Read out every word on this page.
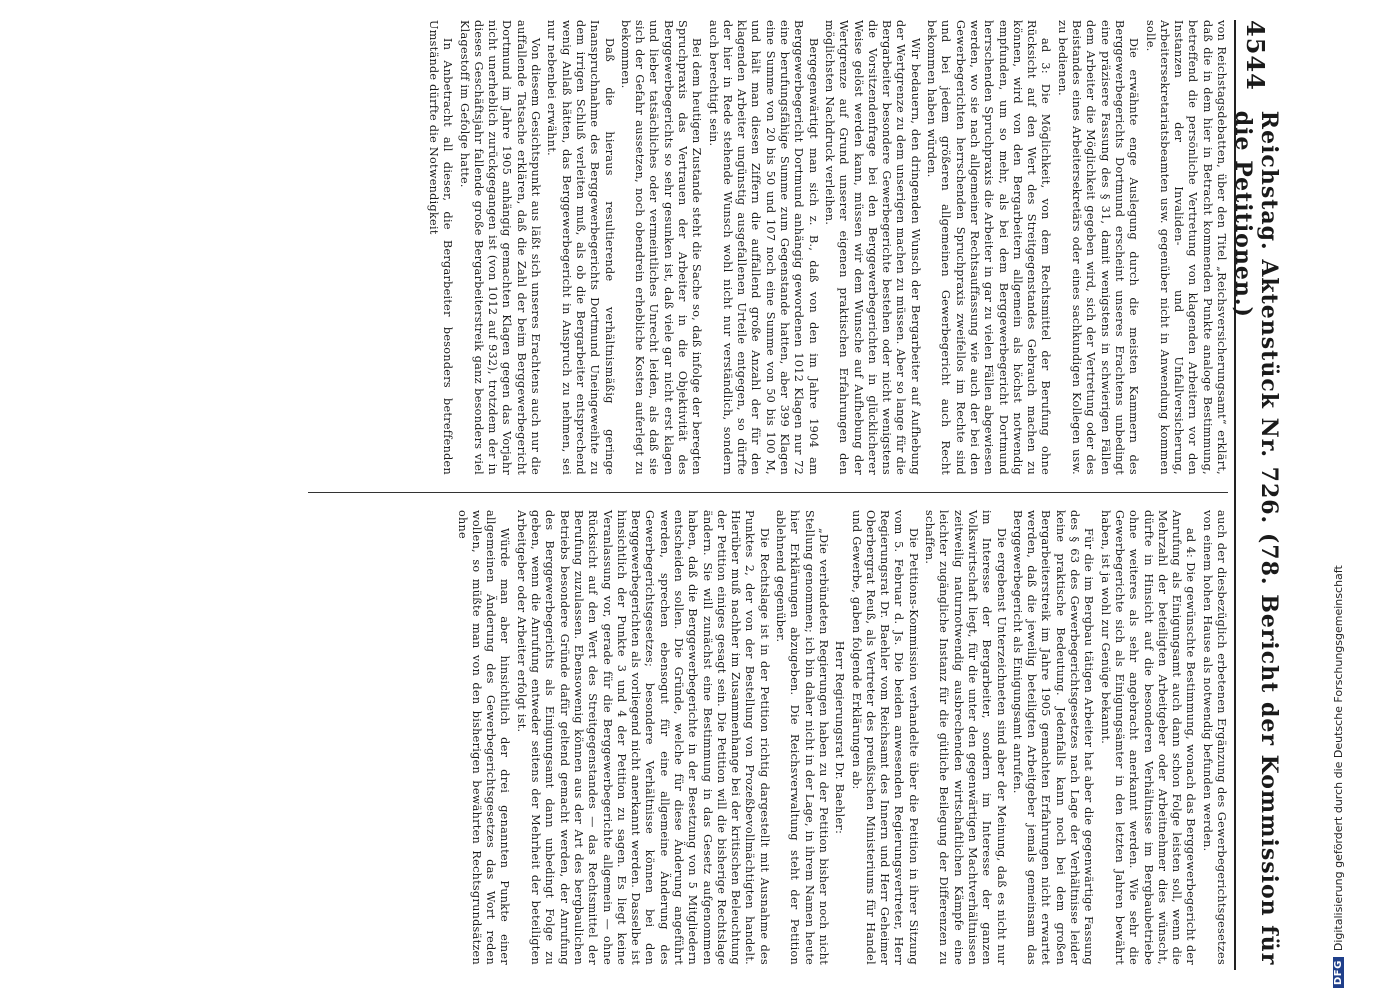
4544
Reichstag. Aktenstück Nr. 726. (78. Bericht der Kommission für die Petitionen.)

von Reichstagsdebatten, über den Titel „Reichsversicherungsamt“ erklärt, daß die in dem hier in Betracht kommenden Punkte analoge Bestimmung, betreffend die persönliche Vertretung von klagenden Arbeitern vor den Instanzen der Invaliden- und Unfallversicherung, Arbeitersekretariatsbeamten usw. gegenüber nicht in Anwendung kommen solle.

Die erwähnte enge Auslegung durch die meisten Kammern des Berggewerbegerichts Dortmund erscheint unseres Erachtens unbedingt eine präzisere Fassung des § 31, damit wenigstens in schwierigen Fällen dem Arbeiter die Möglichkeit gegeben wird, sich der Vertretung oder des Beistandes eines Arbeitersekretärs oder eines sachkundigen Kollegen usw. zu bedienen.

ad 3: Die Möglichkeit, von dem Rechtsmittel der Berufung ohne Rücksicht auf den Wert des Streitgegenstandes Gebrauch machen zu können, wird von den Bergarbeitern allgemein als höchst notwendig empfunden, um so mehr, als bei dem Berggewerbegericht Dortmund herrschenden Spruchpraxis die Arbeiter in gar zu vielen Fällen abgewiesen werden, wo sie nach allgemeiner Rechtsauffassung wie auch der bei den Gewerbegerichten herrschenden Spruchpraxis zweifellos im Rechte sind und bei jedem größeren allgemeinen Gewerbegericht auch Recht bekommen haben würden.

Wir bedauern, den dringenden Wunsch der Bergarbeiter auf Aufhebung der Wertgrenze zu dem unserigen machen zu müssen. Aber so lange für die Bergarbeiter besondere Gewerbegerichte bestehen oder nicht wenigstens die Vorsitzendenfrage bei den Berggewerbegerichten in glücklicherer Weise gelöst werden kann, müssen wir dem Wunsche auf Aufhebung der Wertgrenze auf Grund unserer eigenen praktischen Erfahrungen den möglichsten Nachdruck verleihen.

Bergegenwärtigt man sich z. B., daß von den im Jahre 1904 am Berggewerbegericht Dortmund anhängig gewordenen 1012 Klagen nur 72 eine berufungsfähige Summe zum Gegenstande hatten, aber 399 Klagen eine Summe von 20 bis 50 und 107 noch eine Summe von 50 bis 100 M, und hält man diesen Ziffern die auffallend große Anzahl der für den klagenden Arbeiter ungünstig ausgefallenen Urteile entgegen, so dürfte der hier in Rede stehende Wunsch wohl nicht nur verständlich, sondern auch berechtigt sein.

Bei dem heutigen Zustande steht die Sache so, daß infolge der beregten Spruchpraxis das Vertrauen der Arbeiter in die Objektivität des Berggewerbegerichts so sehr gesunken ist, daß viele gar nicht erst klagen und lieber tatsächliches oder vermeintliches Unrecht leiden, als daß sie sich der Gefahr aussetzen, noch obendrein erhebliche Kosten auferlegt zu bekommen.

Daß die hieraus resultierende verhältnismäßig geringe Inanspruchnahme des Berggewerbegerichts Dortmund Uneingeweihte zu dem irrigen Schluß verleiten muß, als ob die Bergarbeiter entsprechend wenig Anlaß hätten, das Berggewerbegericht in Anspruch zu nehmen, sei nur nebenbei erwähnt.

Von diesem Gesichtspunkt aus läßt sich unseres Erachtens auch nur die auffallende Tatsache erklären, daß die Zahl der beim Berggewerbegericht Dortmund im Jahre 1905 anhängig gemachten Klagen gegen das Vorjahr nicht unerheblich zurückgegangen ist (von 1012 auf 932), trotzdem der in dieses Geschäftsjahr fallende große Bergarbeiterstreik ganz besonders viel Klagestoff im Gefolge hatte.

In Anbetracht all dieser, die Bergarbeiter besonders betreffenden Umstände dürfte die Notwendigkeit

auch der diesbezüglich erbetenen Ergänzung des Gewerbegerichtsgesetzes von einem hohen Hause als notwendig befunden werden.

ad 4: Die gewünschte Bestimmung, wonach das Berggewerbegericht der Anrufung als Einigungsamt auch dann schon Folge leisten soll, wenn die Mehrzahl der beteiligten Arbeitgeber oder Arbeitnehmer dies wünscht, dürfte in Hinsicht auf die besonderen Verhältnisse im Bergbaubetriebe ohne weiteres als sehr angebracht anerkannt werden. Wie sehr die Gewerbegerichte sich als Einigungsämter in den letzten Jahren bewährt haben, ist ja wohl zur Genüge bekannt.

Für die im Bergbau tätigen Arbeiter hat aber die gegenwärtige Fassung des § 63 des Gewerbegerichtsgesetzes nach Lage der Verhältnisse leider keine praktische Bedeutung. Jedenfalls kann noch bei dem großen Bergarbeiterstreik im Jahre 1905 gemachten Erfahrungen nicht erwartet werden, daß die jeweilig beteiligten Arbeitgeber jemals gemeinsam das Berggewerbegericht als Einigungsamt anrufen.

Die ergebenst Unterzeichneten sind aber der Meinung, daß es nicht nur im Interesse der Bergarbeiter, sondern im Interesse der ganzen Volkswirtschaft liegt, für die unter den gegenwärtigen Machtverhältnissen zeitweilig naturnotwendig ausbrechenden wirtschaftlichen Kämpfe eine leichter zugängliche Instanz für die gütliche Beilegung der Differenzen zu schaffen.

Die Petitions-Kommission verhandelte über die Petition in ihrer Sitzung vom 5. Februar d. Js. Die beiden anwesenden Regierungsvertreter, Herr Regierungsrat Dr. Baehler vom Reichsamt des Innern und Herr Geheimer Oberbergrat Reuß, als Vertreter des preußischen Ministeriums für Handel und Gewerbe, gaben folgende Erklärungen ab:

Herr Regierungsrat Dr. Baehler:

„Die verbündeten Regierungen haben zu der Petition bisher noch nicht Stellung genommen; ich bin daher nicht in der Lage, in ihrem Namen heute hier Erklärungen abzugeben. Die Reichsverwaltung steht der Petition ablehnend gegenüber.

Die Rechtslage ist in der Petition richtig dargestellt mit Ausnahme des Punktes 2, der von der Bestellung von Prozeßbevollmächtigten handelt. Hierüber muß nachher im Zusammenhange bei der kritischen Beleuchtung der Petition einiges gesagt sein. Die Petition will die bisherige Rechtslage ändern. Sie will zunächst eine Bestimmung in das Gesetz aufgenommen haben, daß die Berggewerbegerichte in der Besetzung von 5 Mitgliedern entscheiden sollen. Die Gründe, welche für diese Änderung angeführt werden, sprechen ebensogut für eine allgemeine Änderung des Gewerbegerichtsgesetzes; besondere Verhältnisse können bei den Berggewerbegerichten als vorliegend nicht anerkannt werden. Dasselbe ist hinsichtlich der Punkte 3 und 4 der Petition zu sagen. Es liegt keine Veranlassung vor, gerade für die Berggewerbegerichte allgemein — ohne Rücksicht auf den Wert des Streitgegenstandes — das Rechtsmittel der Berufung zuzulassen. Ebensowenig können aus der Art des bergbaulichen Betriebs besondere Gründe dafür geltend gemacht werden, der Anrufung des Berggewerbegerichts als Einigungsamt dann unbedingt Folge zu geben, wenn die Anrufung entweder seitens der Mehrheit der beteiligten Arbeitgeber oder Arbeiter erfolgt ist.

Würde man aber hinsichtlich der drei genannten Punkte einer allgemeinen Änderung des Gewerbegerichtsgesetzes das Wort reden wollen, so müßte man von den bisherigen bewährten Rechtsgrundsätzen ohne

DFG
Digitalisierung gefördert durch die Deutsche Forschungsgemeinschaft
